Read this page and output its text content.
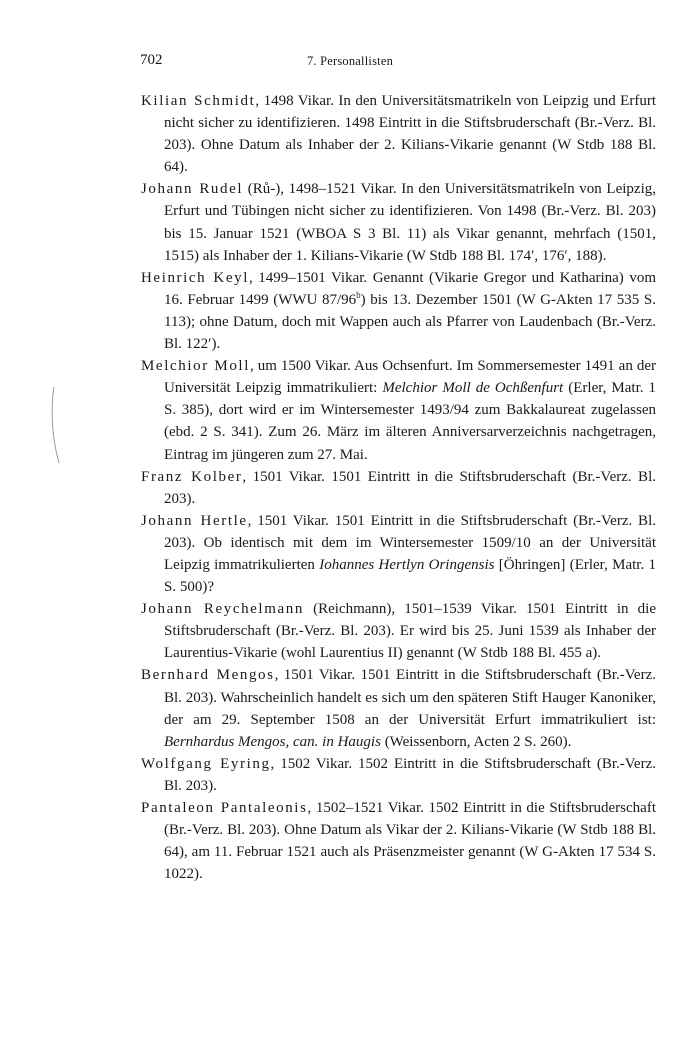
702	7. Personallisten

Kilian Schmidt, 1498 Vikar. In den Universitätsmatrikeln von Leipzig und Erfurt nicht sicher zu identifizieren. 1498 Eintritt in die Stiftsbruderschaft (Br.-Verz. Bl. 203). Ohne Datum als Inhaber der 2. Kilians-Vikarie genannt (W Stdb 188 Bl. 64).

Johann Rudel (Rů-), 1498–1521 Vikar. In den Universitätsmatrikeln von Leipzig, Erfurt und Tübingen nicht sicher zu identifizieren. Von 1498 (Br.-Verz. Bl. 203) bis 15. Januar 1521 (WBOA S 3 Bl. 11) als Vikar genannt, mehrfach (1501, 1515) als Inhaber der 1. Kilians-Vikarie (W Stdb 188 Bl. 174′, 176′, 188).

Heinrich Keyl, 1499–1501 Vikar. Genannt (Vikarie Gregor und Katharina) vom 16. Februar 1499 (WWU 87/96$^b$) bis 13. Dezember 1501 (W G-Akten 17 535 S. 113); ohne Datum, doch mit Wappen auch als Pfarrer von Laudenbach (Br.-Verz. Bl. 122′).

Melchior Moll, um 1500 Vikar. Aus Ochsenfurt. Im Sommersemester 1491 an der Universität Leipzig immatrikuliert: Melchior Moll de Ochßenfurt (Erler, Matr. 1 S. 385), dort wird er im Wintersemester 1493/94 zum Bakkalaureat zugelassen (ebd. 2 S. 341). Zum 26. März im älteren Anniversarverzeichnis nachgetragen, Eintrag im jüngeren zum 27. Mai.

Franz Kolber, 1501 Vikar. 1501 Eintritt in die Stiftsbruderschaft (Br.-Verz. Bl. 203).

Johann Hertle, 1501 Vikar. 1501 Eintritt in die Stiftsbruderschaft (Br.-Verz. Bl. 203). Ob identisch mit dem im Wintersemester 1509/10 an der Universität Leipzig immatrikulierten Iohannes Hertlyn Oringensis [Öhringen] (Erler, Matr. 1 S. 500)?

Johann Reychelmann (Reichmann), 1501–1539 Vikar. 1501 Eintritt in die Stiftsbruderschaft (Br.-Verz. Bl. 203). Er wird bis 25. Juni 1539 als Inhaber der Laurentius-Vikarie (wohl Laurentius II) genannt (W Stdb 188 Bl. 455 a).

Bernhard Mengos, 1501 Vikar. 1501 Eintritt in die Stiftsbruderschaft (Br.-Verz. Bl. 203). Wahrscheinlich handelt es sich um den späteren Stift Hauger Kanoniker, der am 29. September 1508 an der Universität Erfurt immatrikuliert ist: Bernhardus Mengos, can. in Haugis (Weissenborn, Acten 2 S. 260).

Wolfgang Eyring, 1502 Vikar. 1502 Eintritt in die Stiftsbruderschaft (Br.-Verz. Bl. 203).

Pantaleon Pantaleonis, 1502–1521 Vikar. 1502 Eintritt in die Stiftsbruderschaft (Br.-Verz. Bl. 203). Ohne Datum als Vikar der 2. Kilians-Vikarie (W Stdb 188 Bl. 64), am 11. Februar 1521 auch als Präsenzmeister genannt (W G-Akten 17 534 S. 1022).
